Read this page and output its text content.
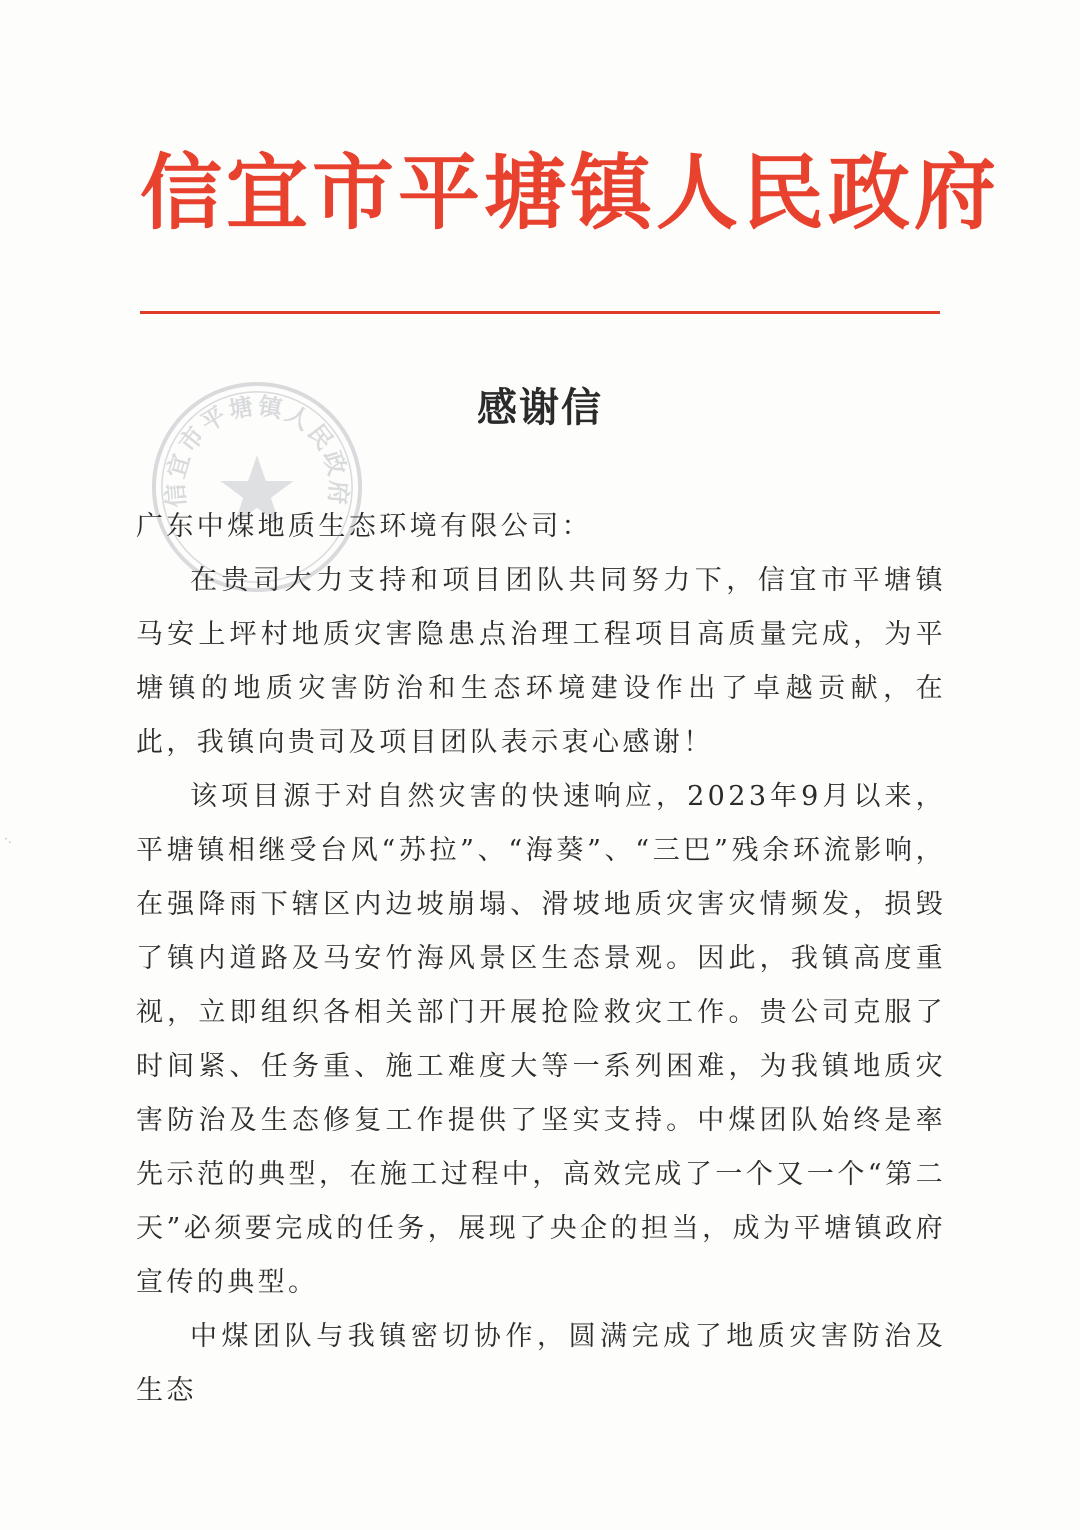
信宜市平塘镇人民政府
信宜市平塘镇人民政府
感谢信

广东中煤地质生态环境有限公司：

在贵司大力支持和项目团队共同努力下，信宜市平塘镇马安上坪村地质灾害隐患点治理工程项目高质量完成，为平塘镇的地质灾害防治和生态环境建设作出了卓越贡献，在此，我镇向贵司及项目团队表示衷心感谢！

该项目源于对自然灾害的快速响应，2023年9月以来，平塘镇相继受台风“苏拉”、“海葵”、“三巴”残余环流影响，在强降雨下辖区内边坡崩塌、滑坡地质灾害灾情频发，损毁了镇内道路及马安竹海风景区生态景观。因此，我镇高度重视，立即组织各相关部门开展抢险救灾工作。贵公司克服了时间紧、任务重、施工难度大等一系列困难，为我镇地质灾害防治及生态修复工作提供了坚实支持。中煤团队始终是率先示范的典型，在施工过程中，高效完成了一个又一个“第二天”必须要完成的任务，展现了央企的担当，成为平塘镇政府宣传的典型。

中煤团队与我镇密切协作，圆满完成了地质灾害防治及生态

·.
